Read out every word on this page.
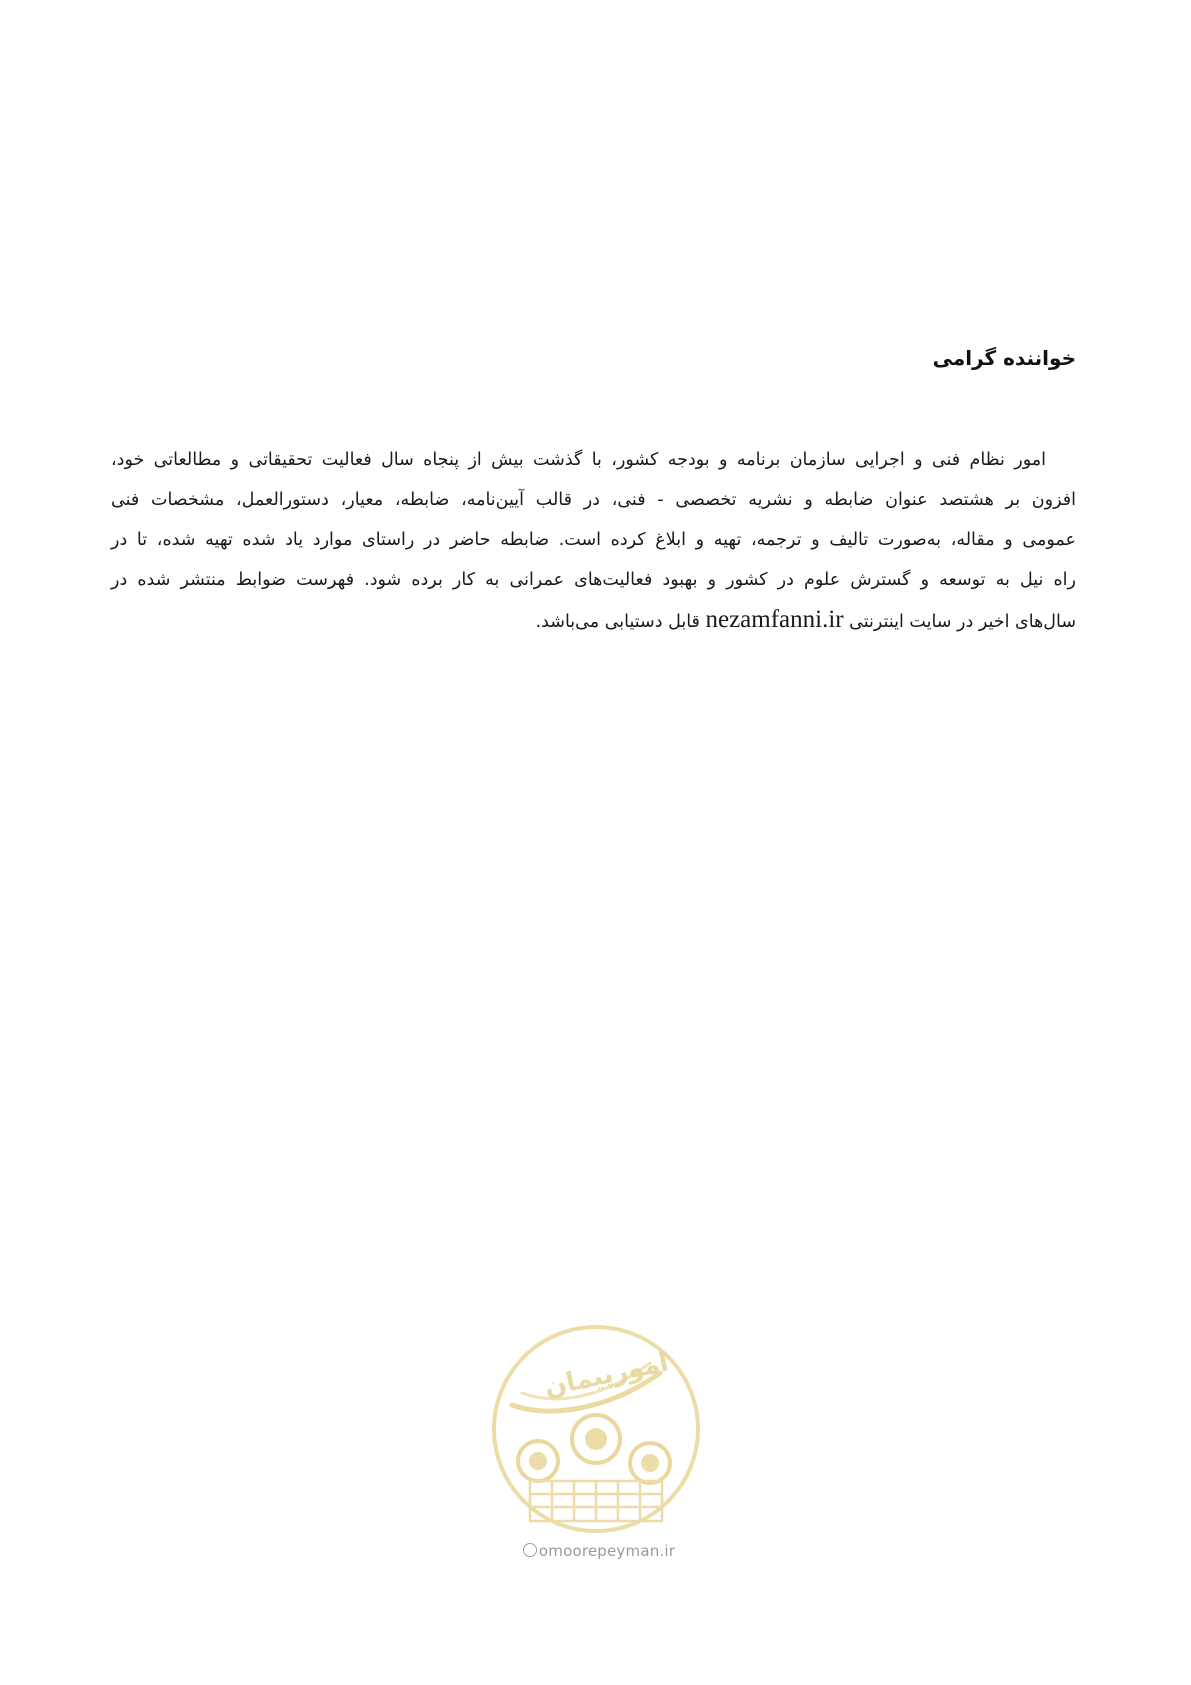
خواننده گرامی
امور نظام فنی و اجرایی سازمان برنامه و بودجه کشور، با گذشت بیش از پنجاه سال فعالیت تحقیقاتی و مطالعاتی خود،
افزون بر هشتصد عنوان ضابطه و نشریه تخصصی - فنی، در قالب آیین‌نامه، ضابطه، معیار، دستورالعمل، مشخصات فنی
عمومی و مقاله، به‌صورت تالیف و ترجمه، تهیه و ابلاغ کرده است. ضابطه حاضر در راستای موارد یاد شده تهیه شده، تا در
راه نیل به توسعه و گسترش علوم در کشور و بهبود فعالیت‌های عمرانی به کار برده شود. فهرست ضوابط منتشر شده در
سال‌های اخیر در سایت اینترنتی nezamfanni.ir قابل دستیابی می‌باشد.
امورپیمان
omoorepeyman.ir
